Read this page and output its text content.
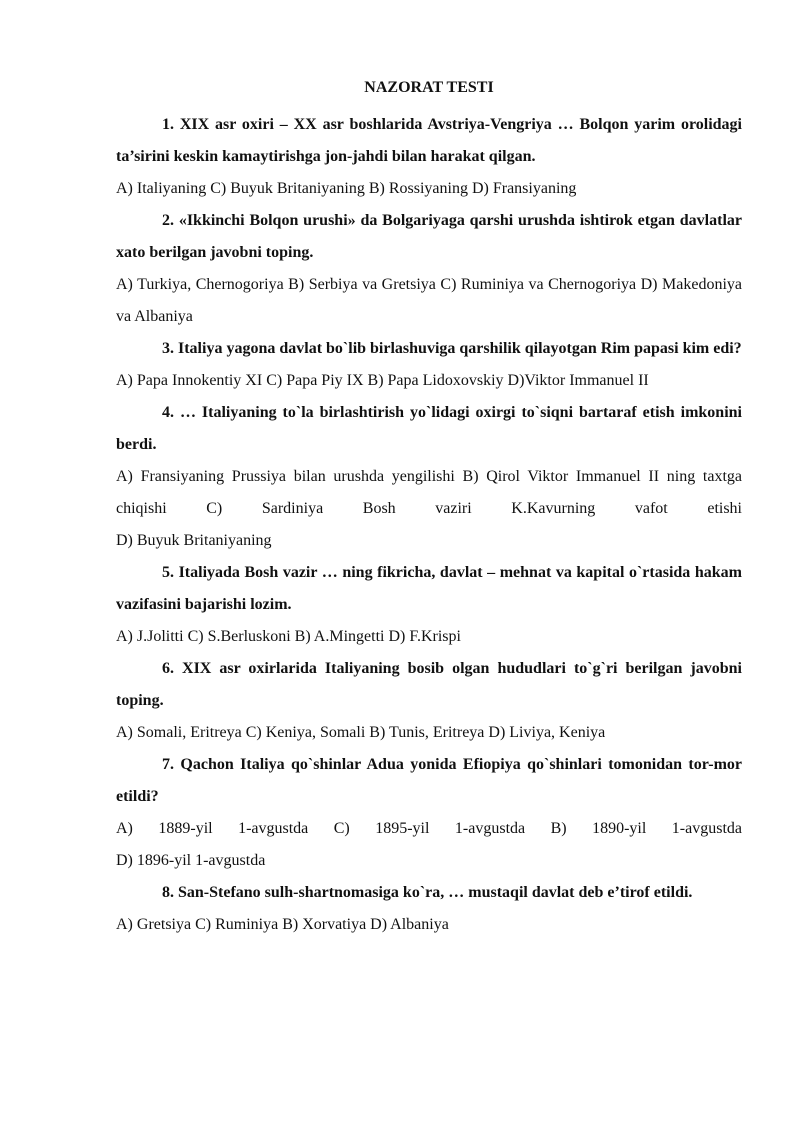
NAZORAT TESTI

1. XIX asr oxiri – XX asr boshlarida Avstriya-Vengriya … Bolqon yarim orolidagi ta’sirini keskin kamaytirishga jon-jahdi bilan harakat qilgan.

A) Italiyaning C) Buyuk Britaniyaning B) Rossiyaning D) Fransiyaning

2. «Ikkinchi Bolqon urushi» da Bolgariyaga qarshi urushda ishtirok etgan davlatlar xato berilgan javobni toping.

A) Turkiya, Chernogoriya B) Serbiya va Gretsiya C) Ruminiya va Chernogoriya D) Makedoniya va Albaniya

3. Italiya yagona davlat bo`lib birlashuviga qarshilik qilayotgan Rim papasi kim edi?

A) Papa Innokentiy XI C) Papa Piy IX B) Papa Lidoxovskiy D)Viktor Immanuel II

4. … Italiyaning to`la birlashtirish yo`lidagi oxirgi to`siqni bartaraf etish imkonini berdi.

A) Fransiyaning Prussiya bilan urushda yengilishi B) Qirol Viktor Immanuel II ning taxtga chiqishi C) Sardiniya Bosh vaziri K.Kavurning vafot etishi

D) Buyuk Britaniyaning

5. Italiyada Bosh vazir … ning fikricha, davlat – mehnat va kapital o`rtasida hakam vazifasini bajarishi lozim.

A) J.Jolitti C) S.Berluskoni B) A.Mingetti D) F.Krispi

6. XIX asr oxirlarida Italiyaning bosib olgan hududlari to`g`ri berilgan javobni toping.

A) Somali, Eritreya C) Keniya, Somali B) Tunis, Eritreya D) Liviya, Keniya

7. Qachon Italiya qo`shinlar Adua yonida Efiopiya qo`shinlari tomonidan tor-mor etildi?

A) 1889-yil 1-avgustda C) 1895-yil 1-avgustda B) 1890-yil 1-avgustda

D) 1896-yil 1-avgustda

8. San-Stefano sulh-shartnomasiga ko`ra, … mustaqil davlat deb e’tirof etildi.

A) Gretsiya C) Ruminiya B) Xorvatiya D) Albaniya
